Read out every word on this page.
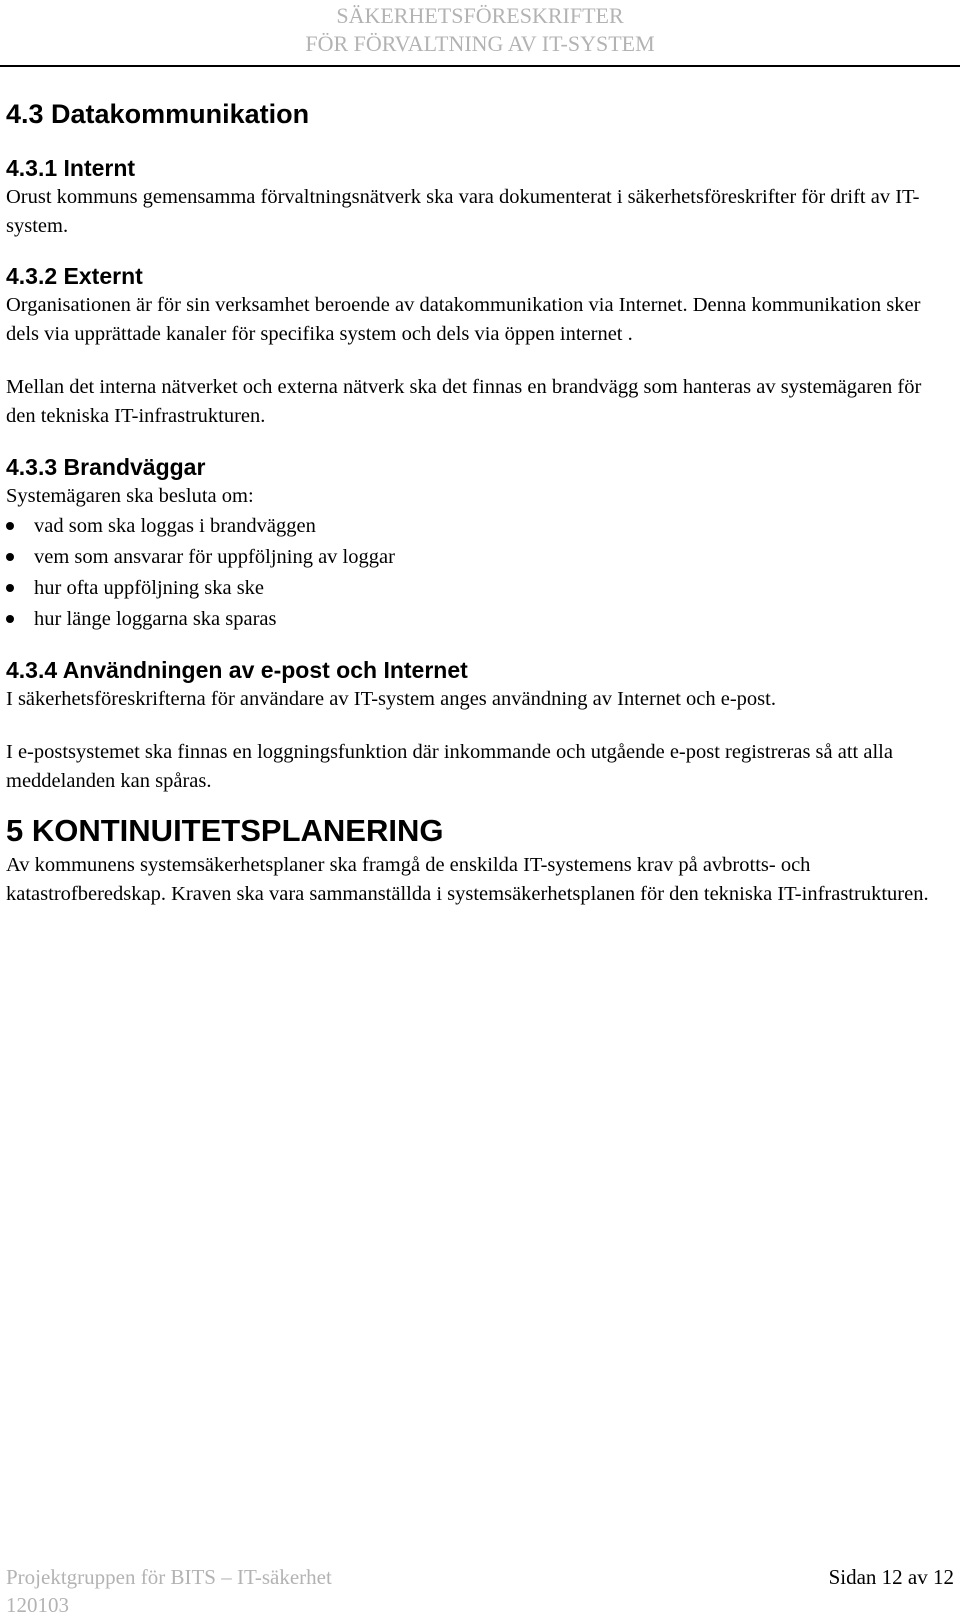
SÄKERHETSFÖRESKRIFTER
FÖR FÖRVALTNING AV IT-SYSTEM
4.3 Datakommunikation
4.3.1 Internt

Orust kommuns gemensamma förvaltningsnätverk ska vara dokumenterat i säkerhetsföreskrifter för drift av IT-system.

4.3.2 Externt

Organisationen är för sin verksamhet beroende av datakommunikation via Internet. Denna kommunikation sker dels via upprättade kanaler för specifika system och dels via öppen internet .

Mellan det interna nätverket och externa nätverk ska det finnas en brandvägg som hanteras av systemägaren för den tekniska IT-infrastrukturen.

4.3.3 Brandväggar

Systemägaren ska besluta om:

vad som ska loggas i brandväggen
vem som ansvarar för uppföljning av loggar
hur ofta uppföljning ska ske
hur länge loggarna ska sparas
4.3.4 Användningen av e-post och Internet

I säkerhetsföreskrifterna för användare av IT-system anges användning av Internet och e-post.

I e-postsystemet ska finnas en loggningsfunktion där inkommande och utgående e-post registreras så att alla meddelanden kan spåras.

5 KONTINUITETSPLANERING

Av kommunens systemsäkerhetsplaner ska framgå de enskilda IT-systemens krav på avbrotts- och katastrofberedskap. Kraven ska vara sammanställda i systemsäkerhetsplanen för den tekniska IT-infrastrukturen.

Projektgruppen för BITS – IT-säkerhet
120103
Sidan 12 av 12
